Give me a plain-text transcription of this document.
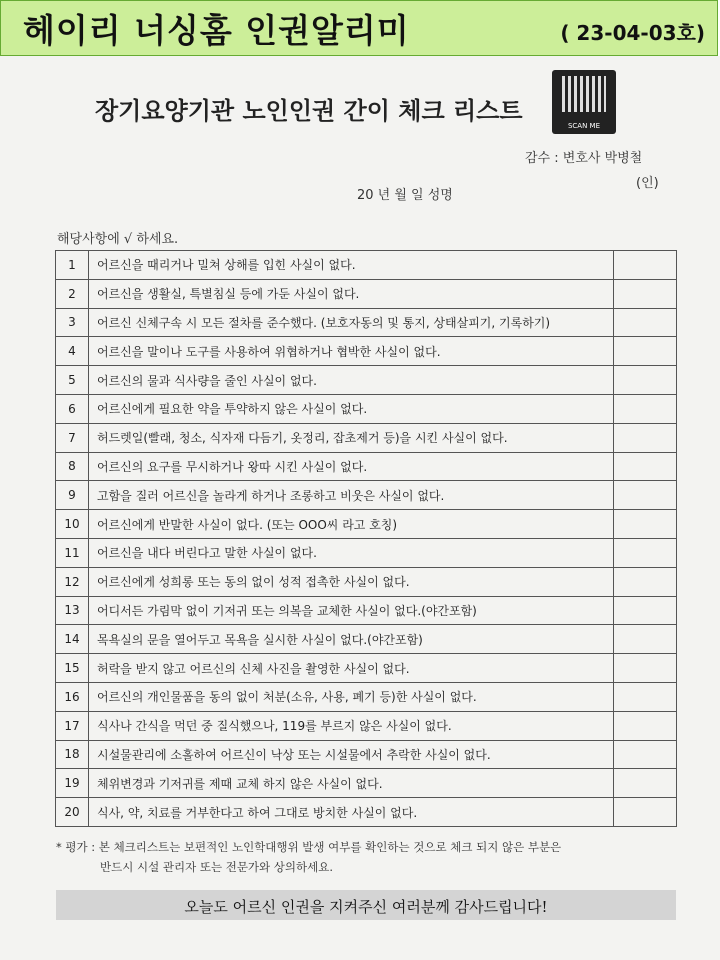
헤이리 너싱홈 인권알리미	( 23-04-03호)
장기요양기관 노인인권 간이 체크 리스트
SCAN ME
감수 : 변호사 박병철
20 년 월 일 성명
(인)
해당사항에 √ 하세요.
1	어르신을 때리거나 밀쳐 상해를 입힌 사실이 없다.	
2	어르신을 생활실, 특별침실 등에 가둔 사실이 없다.	
3	어르신 신체구속 시 모든 절차를 준수했다. (보호자동의 및 통지, 상태살피기, 기록하기)	
4	어르신을 말이나 도구를 사용하여 위협하거나 협박한 사실이 없다.	
5	어르신의 물과 식사량을 줄인 사실이 없다.	
6	어르신에게 필요한 약을 투약하지 않은 사실이 없다.	
7	허드렛일(빨래, 청소, 식자재 다듬기, 옷정리, 잡초제거 등)을 시킨 사실이 없다.	
8	어르신의 요구를 무시하거나 왕따 시킨 사실이 없다.	
9	고함을 질러 어르신을 놀라게 하거나 조롱하고 비웃은 사실이 없다.	
10	어르신에게 반말한 사실이 없다. (또는 OOO씨 라고 호칭)	
11	어르신을 내다 버린다고 말한 사실이 없다.	
12	어르신에게 성희롱 또는 동의 없이 성적 접촉한 사실이 없다.	
13	어디서든 가림막 없이 기저귀 또는 의복을 교체한 사실이 없다.(야간포함)	
14	목욕실의 문을 열어두고 목욕을 실시한 사실이 없다.(야간포함)	
15	허락을 받지 않고 어르신의 신체 사진을 촬영한 사실이 없다.	
16	어르신의 개인물품을 동의 없이 처분(소유, 사용, 폐기 등)한 사실이 없다.	
17	식사나 간식을 먹던 중 질식했으나, 119를 부르지 않은 사실이 없다.	
18	시설물관리에 소홀하여 어르신이 낙상 또는 시설물에서 추락한 사실이 없다.	
19	체위변경과 기저귀를 제때 교체 하지 않은 사실이 없다.	
20	식사, 약, 치료를 거부한다고 하여 그대로 방치한 사실이 없다.	
* 평가 : 본 체크리스트는 보편적인 노인학대행위 발생 여부를 확인하는 것으로 체크 되지 않은 부분은
반드시 시설 관리자 또는 전문가와 상의하세요.
오늘도 어르신 인권을 지켜주신 여러분께 감사드립니다!
